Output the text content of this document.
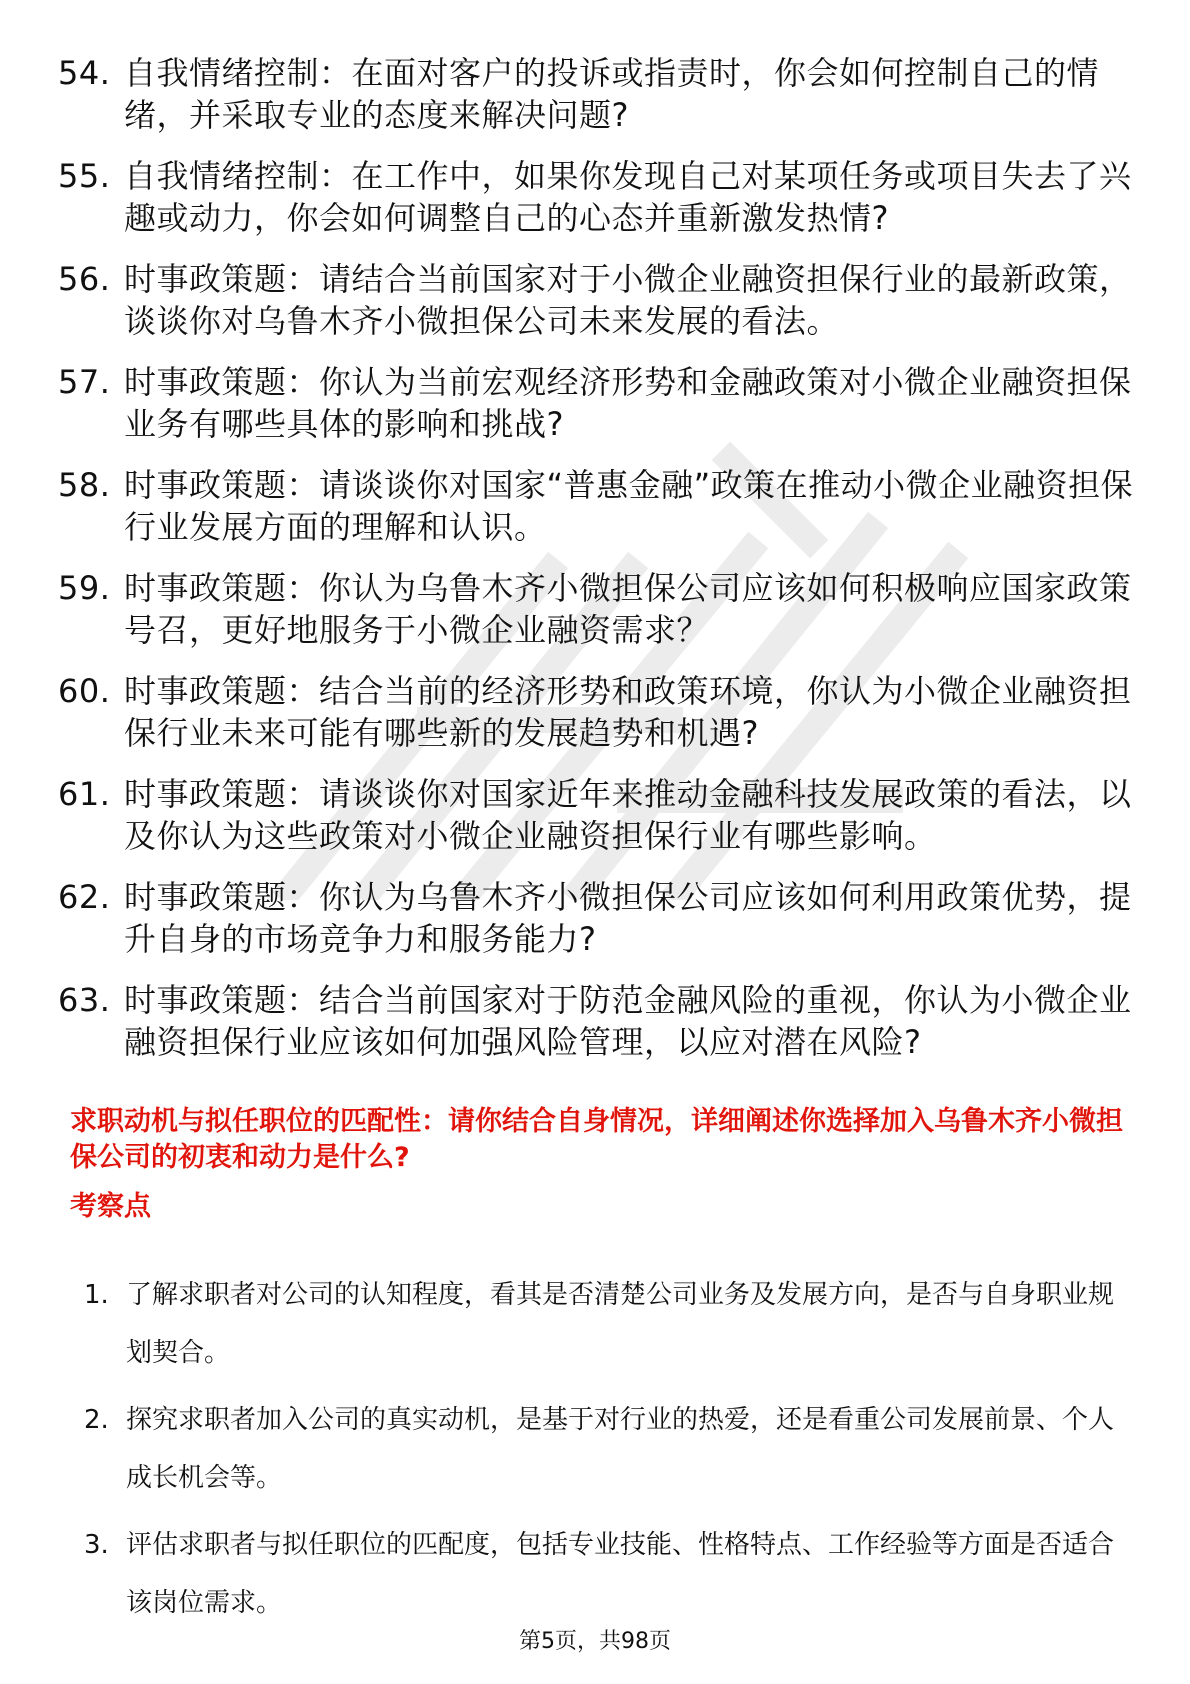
54. 自我情绪控制：在面对客户的投诉或指责时，你会如何控制自己的情绪，并采取专业的态度来解决问题?
55. 自我情绪控制：在工作中，如果你发现自己对某项任务或项目失去了兴趣或动力，你会如何调整自己的心态并重新激发热情?
56. 时事政策题：请结合当前国家对于小微企业融资担保行业的最新政策，谈谈你对乌鲁木齐小微担保公司未来发展的看法。
57. 时事政策题：你认为当前宏观经济形势和金融政策对小微企业融资担保业务有哪些具体的影响和挑战?
58. 时事政策题：请谈谈你对国家“普惠金融”政策在推动小微企业融资担保行业发展方面的理解和认识。
59. 时事政策题：你认为乌鲁木齐小微担保公司应该如何积极响应国家政策号召，更好地服务于小微企业融资需求？
60. 时事政策题：结合当前的经济形势和政策环境，你认为小微企业融资担保行业未来可能有哪些新的发展趋势和机遇?
61. 时事政策题：请谈谈你对国家近年来推动金融科技发展政策的看法，以及你认为这些政策对小微企业融资担保行业有哪些影响。
62. 时事政策题：你认为乌鲁木齐小微担保公司应该如何利用政策优势，提升自身的市场竞争力和服务能力?
63. 时事政策题：结合当前国家对于防范金融风险的重视，你认为小微企业融资担保行业应该如何加强风险管理，以应对潜在风险?
求职动机与拟任职位的匹配性：请你结合自身情况，详细阐述你选择加入乌鲁木齐小微担保公司的初衷和动力是什么?
考察点
1. 了解求职者对公司的认知程度，看其是否清楚公司业务及发展方向，是否与自身职业规划契合。
2. 探究求职者加入公司的真实动机，是基于对行业的热爱，还是看重公司发展前景、个人成长机会等。
3. 评估求职者与拟任职位的匹配度，包括专业技能、性格特点、工作经验等方面是否适合该岗位需求。
第5页，共98页
